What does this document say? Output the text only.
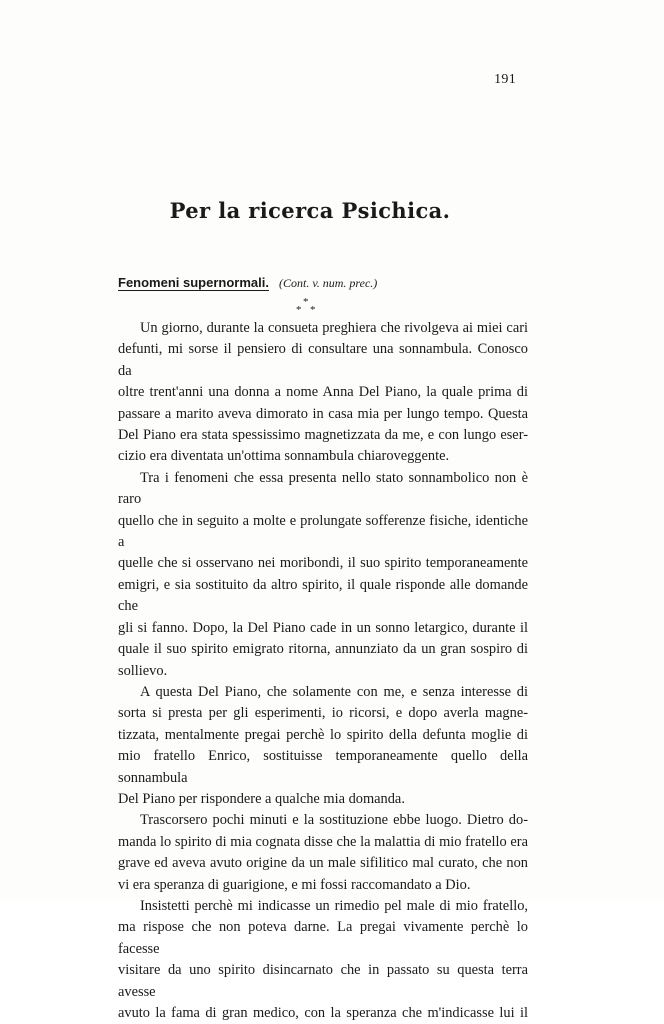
191
Per la ricerca Psichica.
Fenomeni supernormali. (Cont. v. num. prec.)
*
* *
Un giorno, durante la consueta preghiera che rivolgeva ai miei cari
defunti, mi sorse il pensiero di consultare una sonnambula. Conosco da
oltre trent'anni una donna a nome Anna Del Piano, la quale prima di
passare a marito aveva dimorato in casa mia per lungo tempo. Questa
Del Piano era stata spessissimo magnetizzata da me, e con lungo eser-
cizio era diventata un'ottima sonnambula chiaroveggente.
Tra i fenomeni che essa presenta nello stato sonnambolico non è raro
quello che in seguito a molte e prolungate sofferenze fisiche, identiche a
quelle che si osservano nei moribondi, il suo spirito temporaneamente
emigri, e sia sostituito da altro spirito, il quale risponde alle domande che
gli si fanno. Dopo, la Del Piano cade in un sonno letargico, durante il
quale il suo spirito emigrato ritorna, annunziato da un gran sospiro di
sollievo.
A questa Del Piano, che solamente con me, e senza interesse di
sorta si presta per gli esperimenti, io ricorsi, e dopo averla magne-
tizzata, mentalmente pregai perchè lo spirito della defunta moglie di
mio fratello Enrico, sostituisse temporaneamente quello della sonnambula
Del Piano per rispondere a qualche mia domanda.
Trascorsero pochi minuti e la sostituzione ebbe luogo. Dietro do-
manda lo spirito di mia cognata disse che la malattia di mio fratello era
grave ed aveva avuto origine da un male sifilitico mal curato, che non
vi era speranza di guarigione, e mi fossi raccomandato a Dio.
Insistetti perchè mi indicasse un rimedio pel male di mio fratello,
ma rispose che non poteva darne. La pregai vivamente perchè lo facesse
visitare da uno spirito disincarnato che in passato su questa terra avesse
avuto la fama di gran medico, con la speranza che m'indicasse lui il
